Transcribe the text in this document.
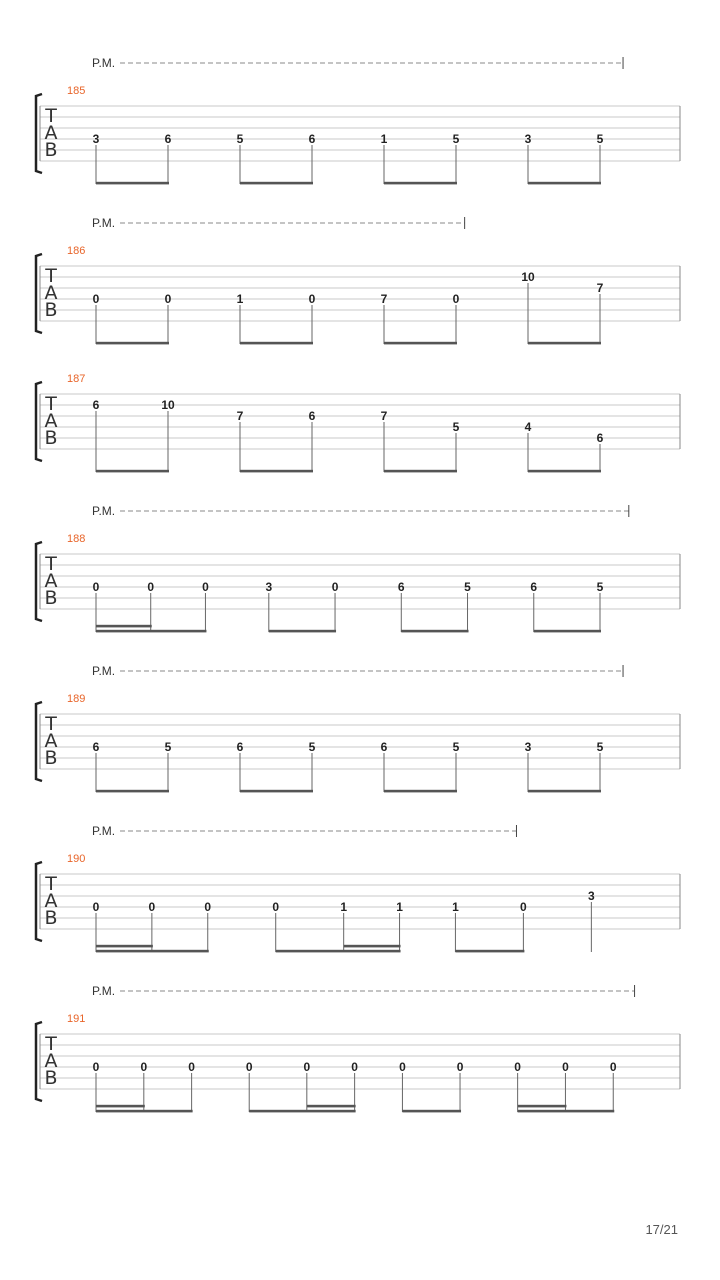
P.M.
185
T
A
B	3	6	5	6	1	5	3	5
P.M.
186
T
A
B	0	0	1	0	7	0
10
7
187
T
A
B
6	10
7	6	7
5	4
6
P.M.
188
T
A
B	0	0	0	3	0	6	5	6	5
P.M.
189
T
A
B	6	5	6	5	6	5	3	5
P.M.
190
T
A
B	0	0	0	0	1	1	1	0
3
P.M.
191
T
A
B	0	0	0	0	0	0	0	0	0	0	0
17/21
